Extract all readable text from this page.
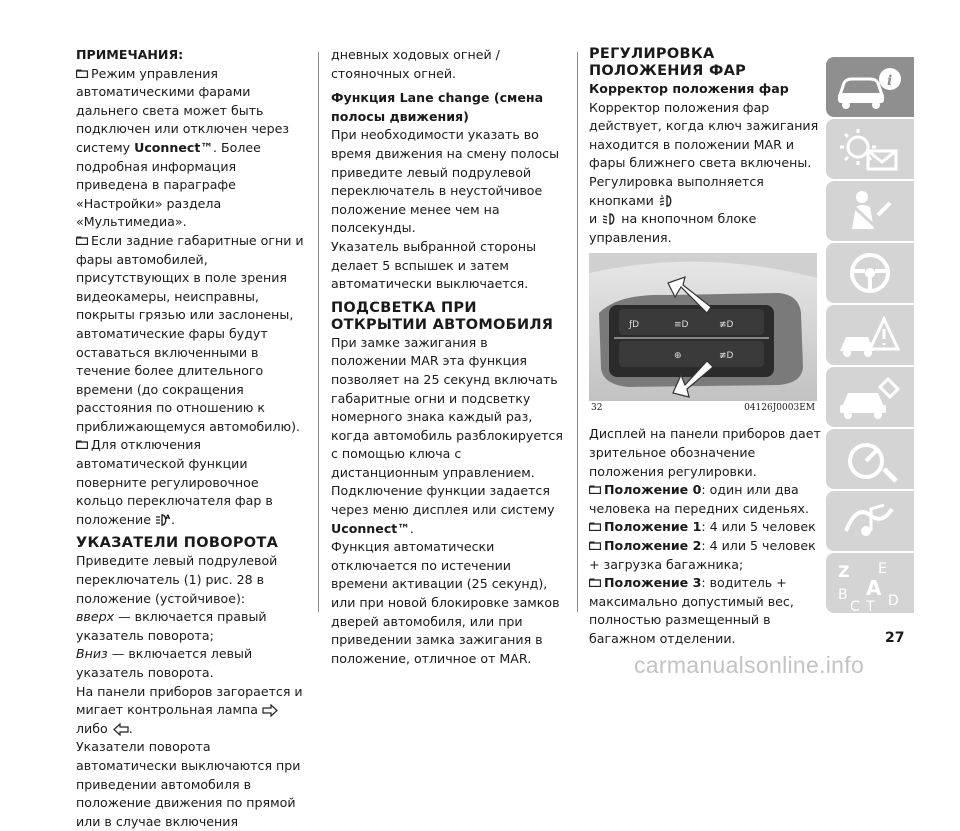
ПРИМЕЧАНИЯ:

Режим управления автоматическими фарами дальнего света может быть подключен или отключен через систему Uconnect™. Более подробная информация приведена в параграфе «Настройки» раздела «Мультимедиа».

Если задние габаритные огни и фары автомобилей, присутствующих в поле зрения видеокамеры, неисправны, покрыты грязью или заслонены, автоматические фары будут оставаться включенными в течение более длительного времени (до сокращения расстояния по отношению к приближающемуся автомобилю).

Для отключения автоматической функции поверните регулировочное кольцо переключателя фар в положение A .

УКАЗАТЕЛИ ПОВОРОТА

Приведите левый подрулевой переключатель (1) рис. 28 в положение (устойчивое):

вверх — включается правый указатель поворота;

Вниз — включается левый указатель поворота.

На панели приборов загорается и мигает контрольная лампа  либо .

Указатели поворота автоматически выключаются при приведении автомобиля в положение движения по прямой или в случае включения

дневных ходовых огней /стояночных огней.

Функция Lane change (смена полосы движения)

При необходимости указать во время движения на смену полосы приведите левый подрулевой переключатель в неустойчивое положение менее чем на полсекунды.

Указатель выбранной стороны делает 5 вспышек и затем автоматически выключается.

ПОДСВЕТКА ПРИ ОТКРЫТИИ АВТОМОБИЛЯ

При замке зажигания в положении MAR эта функция позволяет на 25 секунд включать габаритные огни и подсветку номерного знака каждый раз, когда автомобиль разблокируется с помощью ключа с дистанционным управлением.

Подключение функции задается через меню дисплея или систему Uconnect™.

Функция автоматически отключается по истечении времени активации (25 секунд), или при новой блокировке замков дверей автомобиля, или при приведении замка зажигания в положение, отличное от MAR.

РЕГУЛИРОВКА ПОЛОЖЕНИЯ ФАР

Корректор положения фар

Корректор положения фар действует, когда ключ зажигания находится в положении MAR и фары ближнего света включены.

Регулировка выполняется кнопками
и на кнопочном блоке управления.

ƒD	≡D	≢D
⊕	≢D
32	04126J0003EM

Дисплей на панели приборов дает зрительное обозначение положения регулировки.

Положение 0: один или два человека на передних сиденьях.

Положение 1: 4 или 5 человек

Положение 2: 4 или 5 человек + загрузка багажника;

Положение 3: водитель + максимально допустимый вес, полностью размещенный в багажном отделении.

i
Z E
B A
C T D
27
carmanualsonline.info
